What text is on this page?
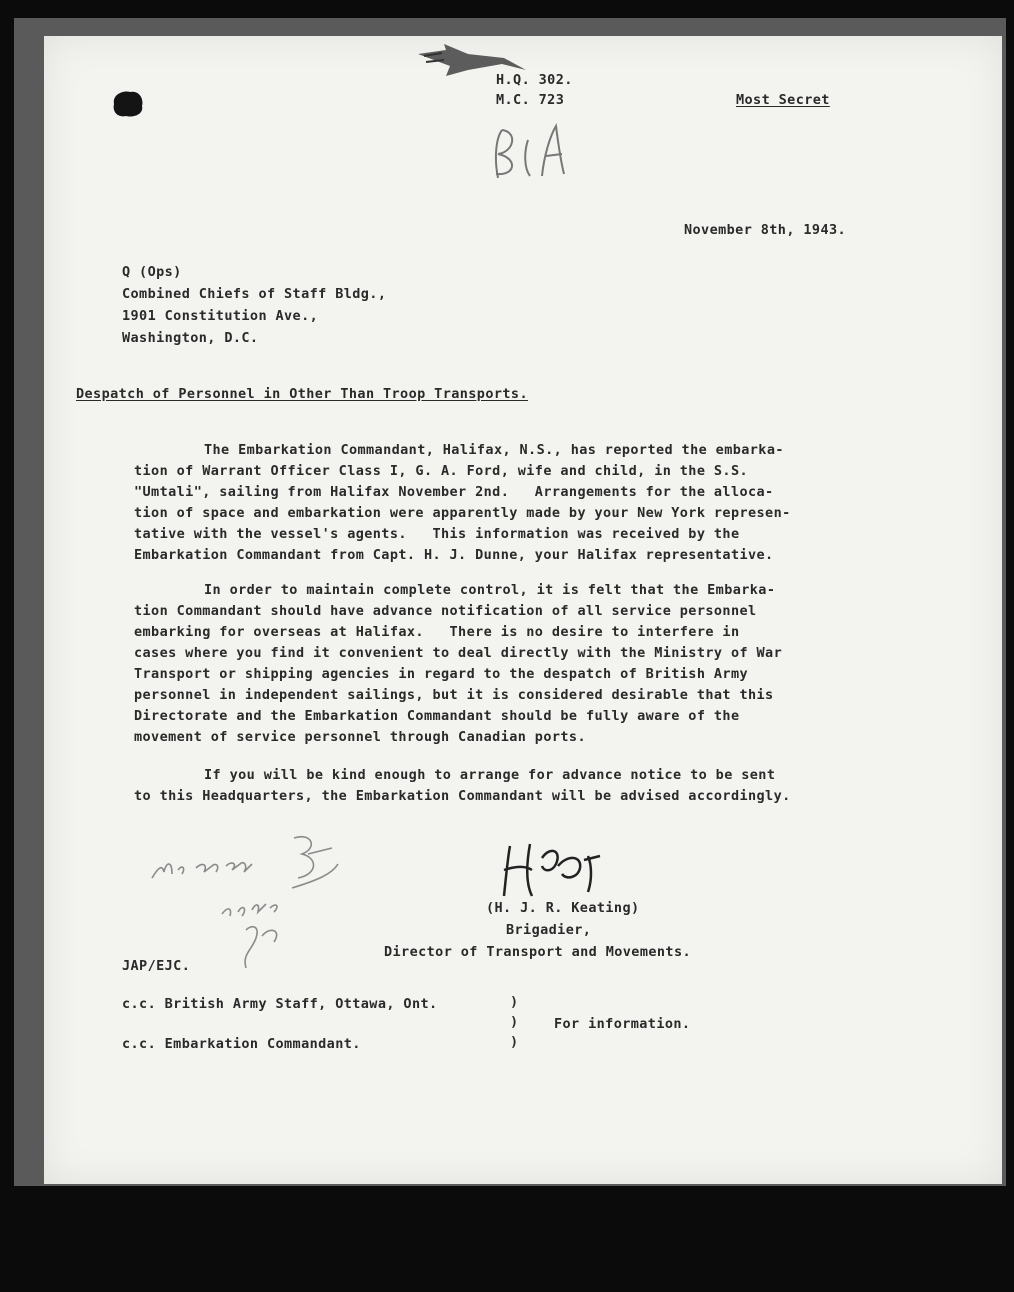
H.Q. 302.
M.C. 723	Most Secret
November 8th, 1943.
Q (Ops)
Combined Chiefs of Staff Bldg.,
1901 Constitution Ave.,
Washington, D.C.
Despatch of Personnel in Other Than Troop Transports.
The Embarkation Commandant, Halifax, N.S., has reported the embarka-
tion of Warrant Officer Class I, G. A. Ford, wife and child, in the S.S.
"Umtali", sailing from Halifax November 2nd.   Arrangements for the alloca-
tion of space and embarkation were apparently made by your New York represen-
tative with the vessel's agents.   This information was received by the
Embarkation Commandant from Capt. H. J. Dunne, your Halifax representative.
In order to maintain complete control, it is felt that the Embarka-
tion Commandant should have advance notification of all service personnel
embarking for overseas at Halifax.   There is no desire to interfere in
cases where you find it convenient to deal directly with the Ministry of War
Transport or shipping agencies in regard to the despatch of British Army
personnel in independent sailings, but it is considered desirable that this
Directorate and the Embarkation Commandant should be fully aware of the
movement of service personnel through Canadian ports.
If you will be kind enough to arrange for advance notice to be sent
to this Headquarters, the Embarkation Commandant will be advised accordingly.
(H. J. R. Keating)
Brigadier,
Director of Transport and Movements.
JAP/EJC.
c.c. British Army Staff, Ottawa, Ont.
c.c. Embarkation Commandant.
)
)
)
For information.
